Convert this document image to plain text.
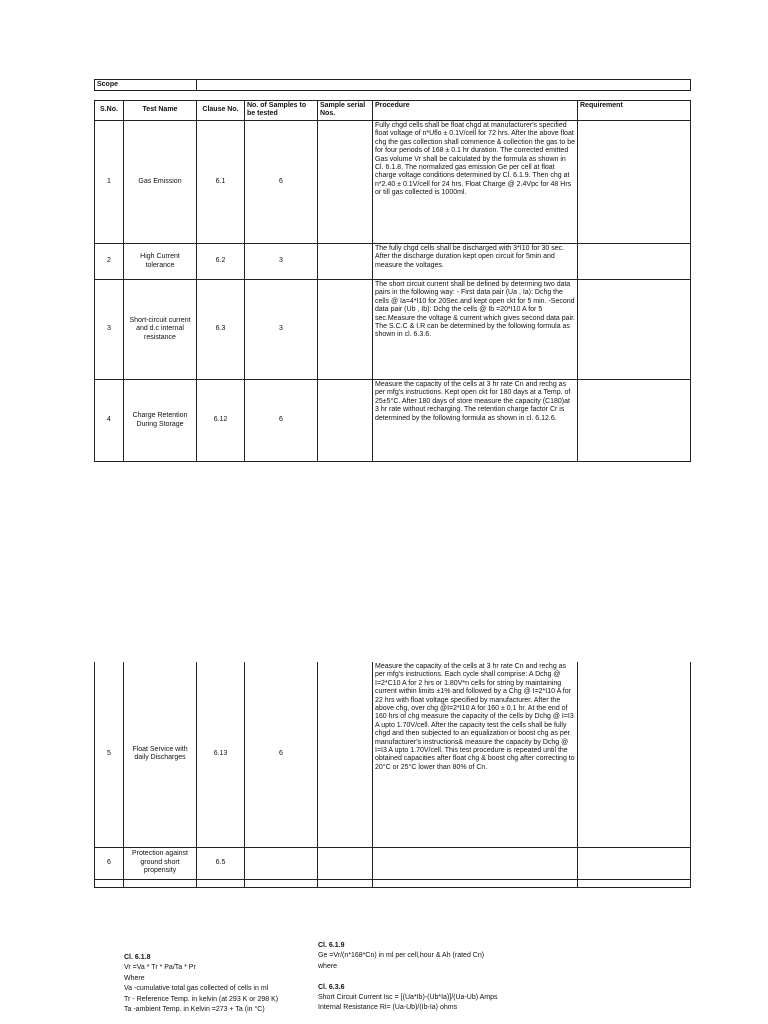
Scope	
S.No.	Test Name	Clause No.	No. of Samples to be tested	Sample serial Nos.	Procedure	Requirement
1	Gas Emission	6.1	6		Fully chgd cells shall be float chgd at manufacturer's specified float voltage of n*Uflo ± 0.1V/cell for 72 hrs. After the above float chg the gas collection shall commence & collection the gas to be for four periods of 168 ± 0.1 hr duration. The corrected emitted Gas volume Vr shall be calculated by the formula as shown in Cl. 6.1.8. The normalized gas emission Ge per cell at float charge voltage conditions determined by Cl. 6.1.9. Then chg at n*2.40 ± 0.1V/cell for 24 hrs. Float Charge @ 2.4Vpc for 48 Hrs or till gas collected is 1000ml.	
2	High Current tolerance	6.2	3		The fully chgd cells shall be discharged with 3*I10 for 30 sec. After the discharge duration kept open circuit for 5min and measure the voltages.	
3	Short-circuit current and d.c internal resistance	6.3	3		The short circuit current shall be defined by determing two data pairs in the following way: - First data pair (Ua , Ia): Dchg the cells @ Ia=4*I10 for 20Sec.and kept open ckt for 5 min. -Second data pair (Ub , Ib): Dchg the cells @ Ib =20*I10 A for 5 sec.Measure the voltage & current which gives second data pair. The S.C.C & I.R can be determined by the following formula as shown in cl. 6.3.6.	
4	Charge Retention During Storage	6.12	6		Measure the capacity of the cells at 3 hr rate Cn and rechg as per mfg's instructions. Kept open ckt for 180 days at a Temp. of 25±5°C. After 180 days of store measure the capacity (C180)at 3 hr rate without recharging. The retention charge factor Cr is determined by the following formula as shown in cl. 6.12.6.	
5	Float Service with daily Discharges	6.13	6		Measure the capacity of the cells at 3 hr rate Cn and rechg as per mfg's instructions. Each cycle shall comprise: A Dchg @ I=2*C10 A for 2 hrs or 1.80V*n cells for string by maintaining current within limits ±1% and followed by a Chg @ I=2*I10 A for 22 hrs with float voltage specified by manufacturer. After the above chg, over chg @I=2*I10 A for 160 ± 0.1 hr. At the end of 160 hrs of chg measure the capacity of the cells by Dchg @ I=I3 A upto 1.70V/cell. After the capacity test the cells shall be fully chgd and then subjected to an equalization or boost chg as per manufacturer's instructions& measure the capacity by Dchg @ I=I3 A upto 1.70V/cell. This test procedure is repeated until the obtained capacities after float chg & boost chg after correcting to 20°C or 25°C lower than 80% of Cn.	
6	Protection against ground short propensity	6.5				

Cl. 6.1.8
Vr =Va * Tr * Pa/Ta * Pr
Where
Va -cumulative total gas collected of cells in ml
Tr - Reference Temp. in kelvin (at 293 K or 298 K)
Ta -ambient Temp. in Kelvin =273 + Ta (in °C)
Cl. 6.1.9
Ge =Vr/(n*168*Cn) in ml per cell,hour & Ah (rated Cn)
where
Cl. 6.3.6
Short Circuit Current Isc = [(Ua*Ib)-(Ub*Ia)]/(Ua-Ub) Amps
Internal Resistance Ri= (Ua-Ub)/(Ib-Ia) ohms
